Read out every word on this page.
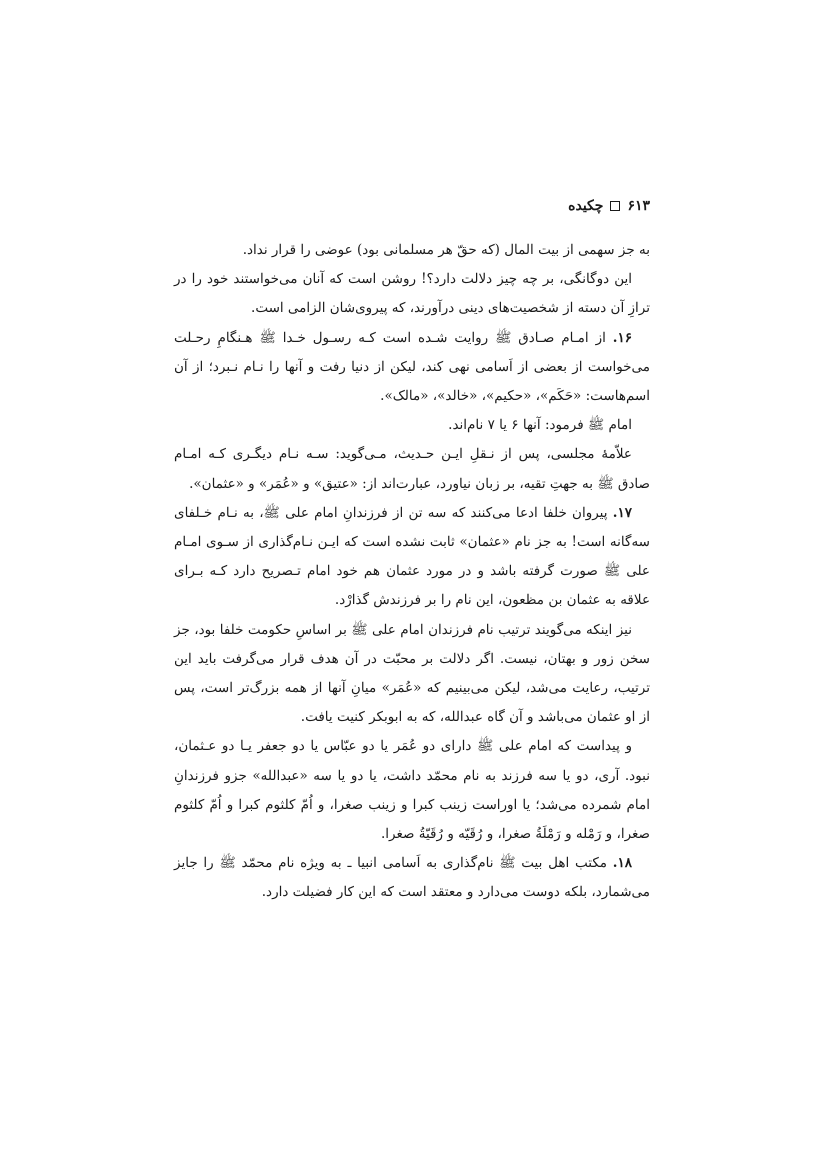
۶۱۳
چکیده

به جز سهمی از بیت المال (که حقّ هر مسلمانی بود) عوضی را قرار نداد.

این دوگانگی، بر چه چیز دلالت دارد؟! روشن است که آنان می‌خواستند خود را در ترازِ آن دسته از شخصیت‌های دینی درآورند، که پیروی‌شان الزامی است.

۱۶. از امـام صـادق ﷺ روایت شـده است کـه رسـول خـدا ﷺ هـنگامِ رحـلت می‌خواست از بعضی از اَسامی نهی کند، لیکن از دنیا رفت و آنها را نـام نـبرد؛ از آن اسم‌هاست: «حَکَم»، «حکیم»، «خالد»، «مالک».

امام ﷺ فرمود: آنها ۶ یا ۷ نام‌اند.

علاّمۀ مجلسی، پس از نـقلِ ایـن حـدیث، مـی‌گوید: سـه نـام دیگـری کـه امـام صادق ﷺ به جهتِ تقیه، بر زبان نیاورد، عبارت‌اند از: «عتیق» و «عُمَر» و «عثمان».

۱۷. پیروان خلفا ادعا می‌کنند که سه تن از فرزندانِ امام علی ﷺ، به نـام خـلفای سه‌گانه است! به جز نام «عثمان» ثابت نشده است که ایـن نـام‌گذاری از سـوی امـام علی ﷺ صورت گرفته باشد و در مورد عثمان هم خود امام تـصریح دارد کـه بـرای علاقه به عثمان بن مظعون، این نام را بر فرزندش گذارْد.

نیز اینکه می‌گویند ترتیب نام فرزندان امام علی ﷺ بر اساسِ حکومت خلفا بود، جز سخن زور و بهتان، نیست. اگر دلالت بر محبّت در آن هدف قرار می‌گرفت باید این ترتیب، رعایت می‌شد، لیکن می‌بینیم که «عُمَر» میانِ آنها از همه بزرگ‌تر است، پس از او عثمان می‌باشد و آن گاه عبدالله، که به ابوبکر کنیت یافت.

و پیداست که امام علی ﷺ دارای دو عُمَر یا دو عبّاس یا دو جعفر یـا دو عـثمان، نبود. آری، دو یا سه فرزند به نام محمّد داشت، یا دو یا سه «عبدالله» جزو فرزندانِ امام شمرده می‌شد؛ یا اوراست زینب کبرا و زینب صغرا، و اُمّ کلثوم کبرا و اُمّ کلثوم صغرا، و رَمْله و رَمْلَةُ صغرا، و رُقَیّه و رُقَیّةُ صغرا.

۱۸. مکتب اهل بیت ﷺ نام‌گذاری به اَسامی انبیا ـ به ویژه نام محمّد ﷺ را جایز می‌شمارد، بلکه دوست می‌دارد و معتقد است که این کار فضیلت دارد.
